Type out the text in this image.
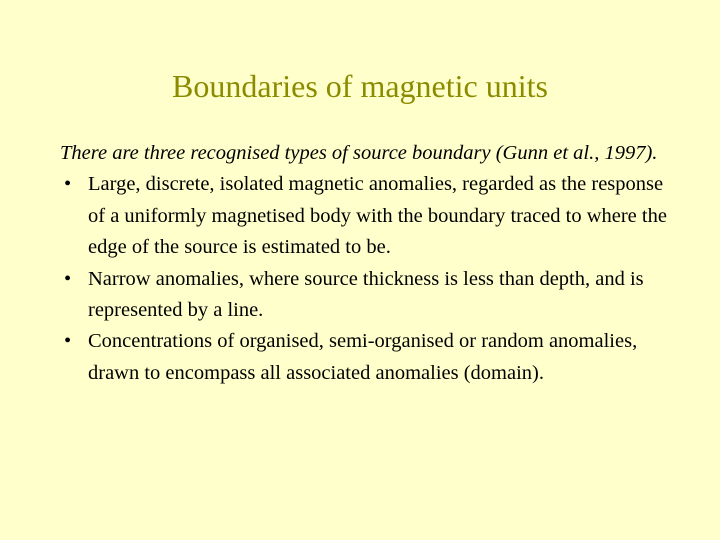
Boundaries of magnetic units
There are three recognised types of source boundary (Gunn et al., 1997).
• Large, discrete, isolated magnetic anomalies, regarded as the response of a uniformly magnetised body with the boundary traced to where the edge of the source is estimated to be.
• Narrow anomalies, where source thickness is less than depth, and is represented by a line.
• Concentrations of organised, semi-organised or random anomalies, drawn to encompass all associated anomalies (domain).
